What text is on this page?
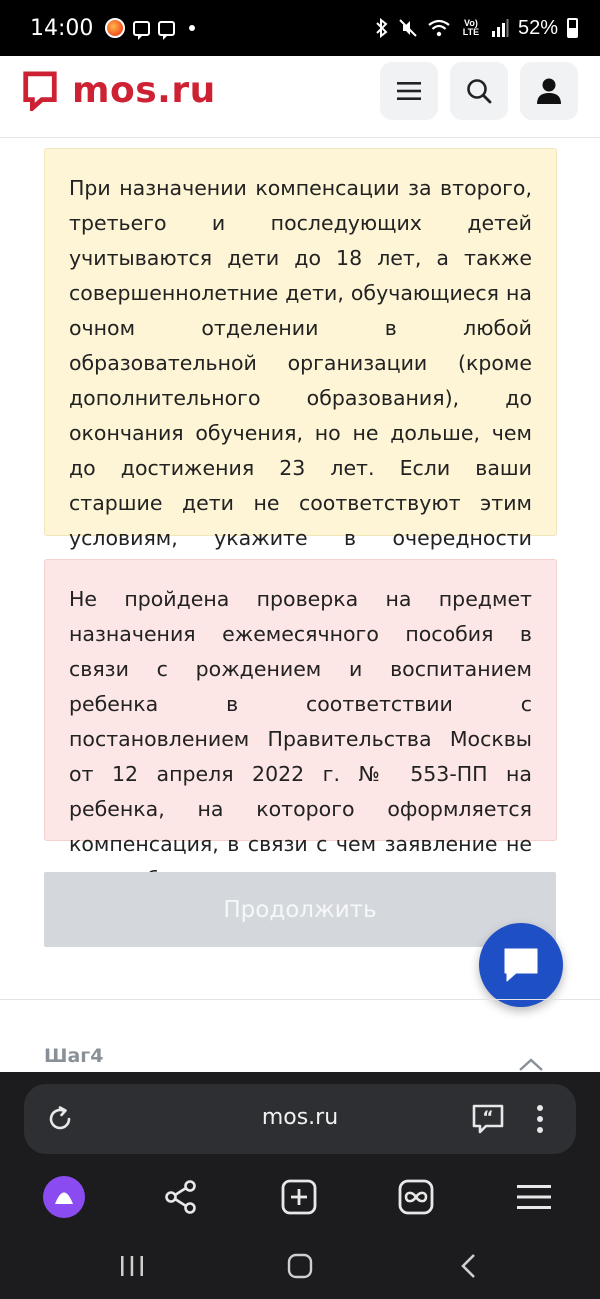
14:00	Vo) LTE 52%
mos.ru

При назначении компенсации за второго, третьего и последующих детей учитываются дети до 18 лет, а также совершеннолетние дети, обучающиеся на очном отделении в любой образовательной организации (кроме дополнительного образования), до окончания обучения, но не дольше, чем до достижения 23 лет. Если ваши старшие дети не соответствуют этим условиям, укажите в очередности

Не пройдена проверка на предмет назначения ежемесячного пособия в связи с рождением и воспитанием ребенка в соответствии с постановлением Правительства Москвы от 12 апреля 2022 г. № 553-ПП на ребенка, на которого оформляется компенсация, в связи с чем заявление не

Продолжить
Шаг4
mos.ru	“
